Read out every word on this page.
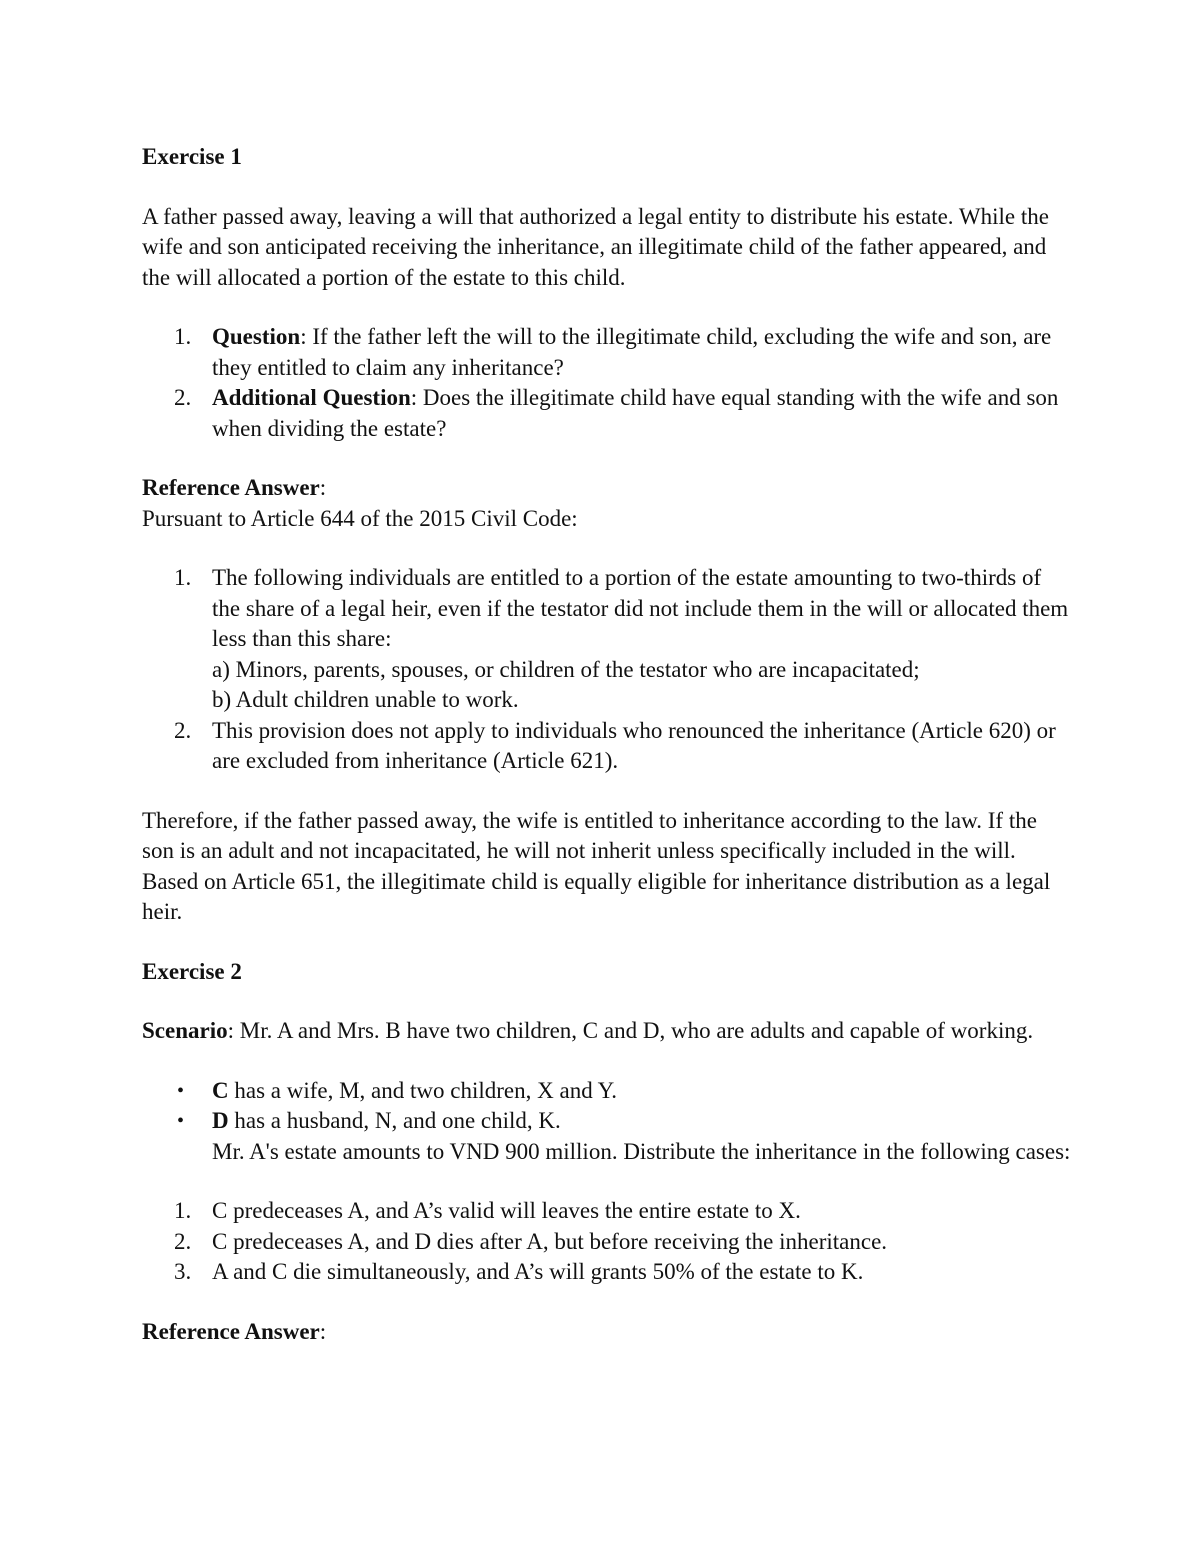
Exercise 1

A father passed away, leaving a will that authorized a legal entity to distribute his estate. While the wife and son anticipated receiving the inheritance, an illegitimate child of the father appeared, and the will allocated a portion of the estate to this child.

1. Question: If the father left the will to the illegitimate child, excluding the wife and son, are they entitled to claim any inheritance?
2. Additional Question: Does the illegitimate child have equal standing with the wife and son when dividing the estate?

Reference Answer:

Pursuant to Article 644 of the 2015 Civil Code:

1. The following individuals are entitled to a portion of the estate amounting to two-thirds of the share of a legal heir, even if the testator did not include them in the will or allocated them less than this share:
a) Minors, parents, spouses, or children of the testator who are incapacitated;
b) Adult children unable to work.
2. This provision does not apply to individuals who renounced the inheritance (Article 620) or are excluded from inheritance (Article 621).

Therefore, if the father passed away, the wife is entitled to inheritance according to the law. If the son is an adult and not incapacitated, he will not inherit unless specifically included in the will. Based on Article 651, the illegitimate child is equally eligible for inheritance distribution as a legal heir.

Exercise 2

Scenario: Mr. A and Mrs. B have two children, C and D, who are adults and capable of working.

• C has a wife, M, and two children, X and Y.
• D has a husband, N, and one child, K.
Mr. A's estate amounts to VND 900 million. Distribute the inheritance in the following cases:
1. C predeceases A, and A’s valid will leaves the entire estate to X.
2. C predeceases A, and D dies after A, but before receiving the inheritance.
3. A and C die simultaneously, and A’s will grants 50% of the estate to K.

Reference Answer:
